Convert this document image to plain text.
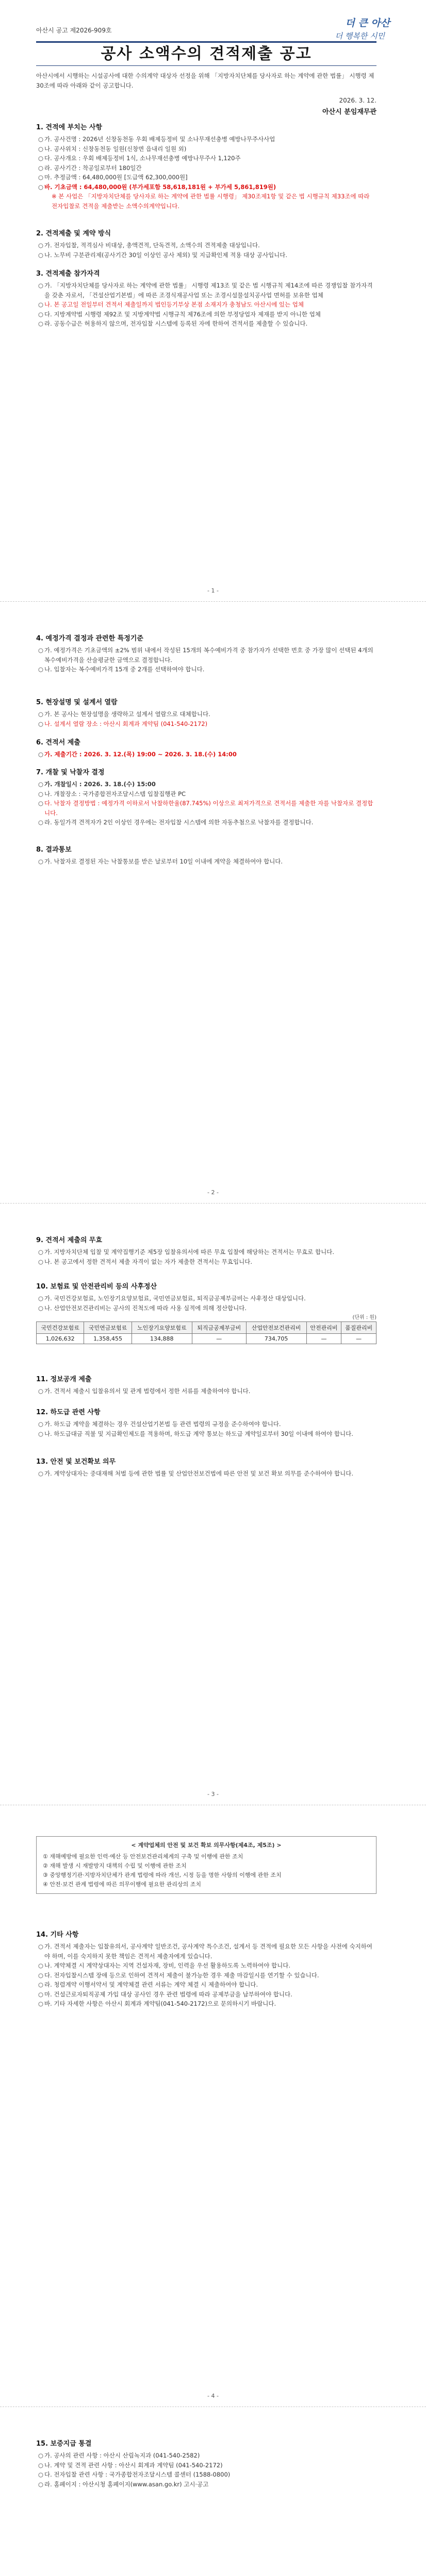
아산시 공고 제2026-909호
더 큰 아산
더 행복한 시민
공사 소액수의 견적제출 공고
아산시에서 시행하는 시설공사에 대한 수의계약 대상자 선정을 위해 「지방자치단체를 당사자로 하는 계약에 관한 법률」 시행령 제30조에 따라 아래와 같이 공고합니다.
2026. 3. 12.
아산시 분임재무관
1. 견적에 부치는 사항
○ 가. 공사건명 : 2026년 신창동천동 우회 배제등정비 및 소나무재선충병 예방나무주사사업
○ 나. 공사위치 : 신창동천동 일원(신창면 읍내리 일원 외)
○ 다. 공사개요 : 우회 배제등정비 1식, 소나무재선충병 예방나무주사 1,120주
○ 라. 공사기간 : 착공일로부터 180일간
○ 마. 추정금액 : 64,480,000원 [도급액 62,300,000원]
○ 바. 기초금액 : 64,480,000원 (부가세포함 58,618,181원 + 부가세 5,861,819원)
※ 본 사업은 「지방자치단체를 당사자로 하는 계약에 관한 법률 시행령」 제30조제1항 및 같은 법 시행규칙 제33조에 따라 전자입찰로 견적을 제출받는 소액수의계약입니다.
2. 견적제출 및 계약 방식
○ 가. 전자입찰, 적격심사 비대상, 총액견적, 단독견적, 소액수의 견적제출 대상입니다.
○ 나. 노무비 구분관리제(공사기간 30일 이상인 공사 제외) 및 지급확인제 적용 대상 공사입니다.
3. 견적제출 참가자격
○ 가. 「지방자치단체를 당사자로 하는 계약에 관한 법률」 시행령 제13조 및 같은 법 시행규칙 제14조에 따른 경쟁입찰 참가자격을 갖춘 자로서, 「건설산업기본법」에 따른 조경식재공사업 또는 조경시설물설치공사업 면허를 보유한 업체
○ 나. 본 공고일 전일부터 견적서 제출일까지 법인등기부상 본점 소재지가 충청남도 아산시에 있는 업체
○ 다. 지방계약법 시행령 제92조 및 지방계약법 시행규칙 제76조에 의한 부정당업자 제재를 받지 아니한 업체
○ 라. 공동수급은 허용하지 않으며, 전자입찰 시스템에 등록된 자에 한하여 견적서를 제출할 수 있습니다.
- 1 -
4. 예정가격 결정과 관련한 특정기준
○ 가. 예정가격은 기초금액의 ±2% 범위 내에서 작성된 15개의 복수예비가격 중 참가자가 선택한 번호 중 가장 많이 선택된 4개의 복수예비가격을 산술평균한 금액으로 결정합니다.
○ 나. 입찰자는 복수예비가격 15개 중 2개를 선택하여야 합니다.
5. 현장설명 및 설계서 열람
○ 가. 본 공사는 현장설명을 생략하고 설계서 열람으로 대체합니다.
○ 나. 설계서 열람 장소 : 아산시 회계과 계약팀 (041-540-2172)
6. 견적서 제출
○ 가. 제출기간 : 2026. 3. 12.(목) 19:00 ~ 2026. 3. 18.(수) 14:00
7. 개찰 및 낙찰자 결정
○ 가. 개찰일시 : 2026. 3. 18.(수) 15:00
○ 나. 개찰장소 : 국가종합전자조달시스템 입찰집행관 PC
○ 다. 낙찰자 결정방법 : 예정가격 이하로서 낙찰하한율(87.745%) 이상으로 최저가격으로 견적서를 제출한 자를 낙찰자로 결정합니다.
○ 라. 동일가격 견적자가 2인 이상인 경우에는 전자입찰 시스템에 의한 자동추첨으로 낙찰자를 결정합니다.
8. 결과통보
○ 가. 낙찰자로 결정된 자는 낙찰통보를 받은 날로부터 10일 이내에 계약을 체결하여야 합니다.
- 2 -
9. 견적서 제출의 무효
○ 가. 지방자치단체 입찰 및 계약집행기준 제5장 입찰유의서에 따른 무효 입찰에 해당하는 견적서는 무효로 합니다.
○ 나. 본 공고에서 정한 견적서 제출 자격이 없는 자가 제출한 견적서는 무효입니다.
10. 보험료 및 안전관리비 등의 사후정산
○ 가. 국민건강보험료, 노인장기요양보험료, 국민연금보험료, 퇴직금공제부금비는 사후정산 대상입니다.
○ 나. 산업안전보건관리비는 공사의 진척도에 따라 사용 실적에 의해 정산합니다.
(단위 : 원)
국민건강보험료	국민연금보험료	노인장기요양보험료	퇴직금공제부금비	산업안전보건관리비	안전관리비	품질관리비
1,026,632	1,358,455	134,888	—	734,705	—	—
11. 정보공개 제출
○ 가. 견적서 제출시 입찰유의서 및 관계 법령에서 정한 서류를 제출하여야 합니다.
12. 하도급 관련 사항
○ 가. 하도급 계약을 체결하는 경우 건설산업기본법 등 관련 법령의 규정을 준수하여야 합니다.
○ 나. 하도급대금 직불 및 지급확인제도를 적용하며, 하도급 계약 통보는 하도급 계약일로부터 30일 이내에 하여야 합니다.
13. 안전 및 보건확보 의무
○ 가. 계약상대자는 중대재해 처벌 등에 관한 법률 및 산업안전보건법에 따른 안전 및 보건 확보 의무를 준수하여야 합니다.
- 3 -
< 계약업체의 안전 및 보건 확보 의무사항(제4조, 제5조) >
① 재해예방에 필요한 인력·예산 등 안전보건관리체계의 구축 및 이행에 관한 조치
② 재해 발생 시 재발방지 대책의 수립 및 이행에 관한 조치
③ 중앙행정기관·지방자치단체가 관계 법령에 따라 개선, 시정 등을 명한 사항의 이행에 관한 조치
④ 안전·보건 관계 법령에 따른 의무이행에 필요한 관리상의 조치
14. 기타 사항
○ 가. 견적서 제출자는 입찰유의서, 공사계약 일반조건, 공사계약 특수조건, 설계서 등 견적에 필요한 모든 사항을 사전에 숙지하여야 하며, 이를 숙지하지 못한 책임은 견적서 제출자에게 있습니다.
○ 나. 계약체결 시 계약상대자는 지역 건설자재, 장비, 인력을 우선 활용하도록 노력하여야 합니다.
○ 다. 전자입찰시스템 장애 등으로 인하여 견적서 제출이 불가능한 경우 제출 마감일시를 연기할 수 있습니다.
○ 라. 청렴계약 이행서약서 및 계약체결 관련 서류는 계약 체결 시 제출하여야 합니다.
○ 마. 건설근로자퇴직공제 가입 대상 공사인 경우 관련 법령에 따라 공제부금을 납부하여야 합니다.
○ 바. 기타 자세한 사항은 아산시 회계과 계약팀(041-540-2172)으로 문의하시기 바랍니다.
- 4 -
15. 보증지급 통결
○ 가. 공사의 관련 사항 : 아산시 산림녹지과 (041-540-2582)
○ 나. 계약 및 견적 관련 사항 : 아산시 회계과 계약팀 (041-540-2172)
○ 다. 전자입찰 관련 사항 : 국가종합전자조달시스템 콜센터 (1588-0800)
○ 라. 홈페이지 : 아산시청 홈페이지(www.asan.go.kr) 고시·공고
